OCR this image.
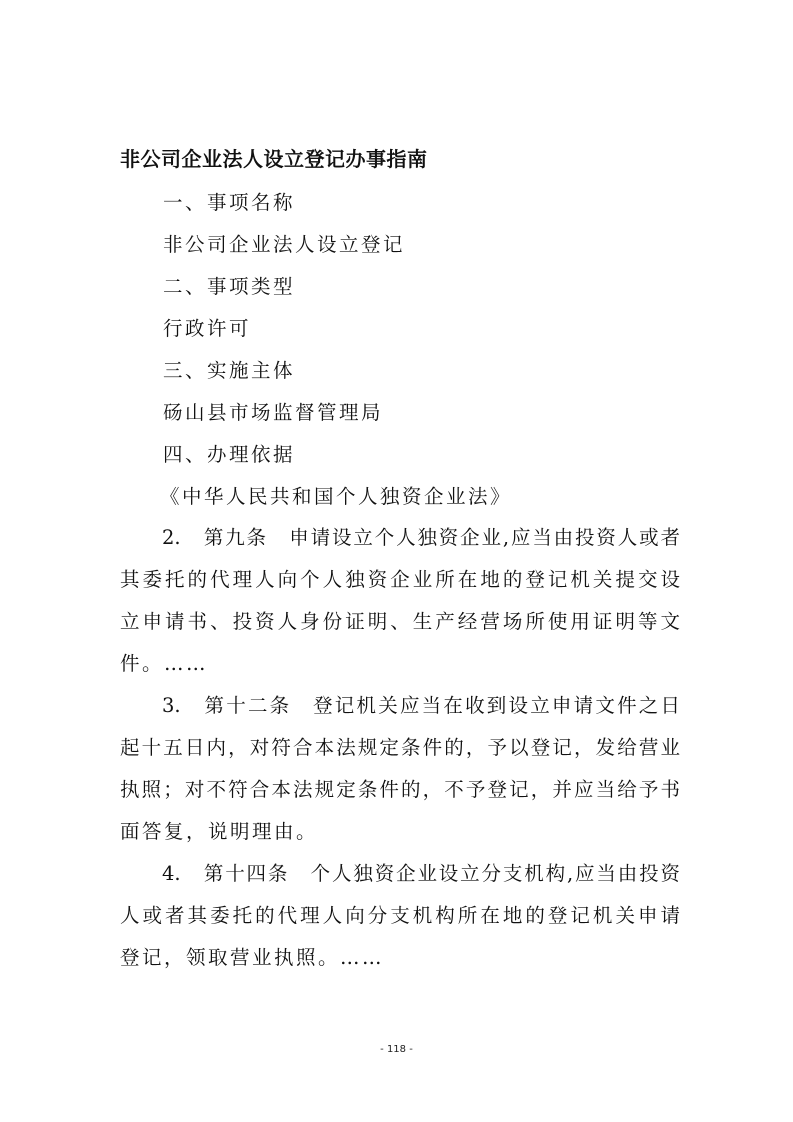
非公司企业法人设立登记办事指南
一、事项名称
非公司企业法人设立登记
二、事项类型
行政许可
三、实施主体
砀山县市场监督管理局
四、办理依据
《中华人民共和国个人独资企业法》
2.　第九条　申请设立个人独资企业,应当由投资人或者
其委托的代理人向个人独资企业所在地的登记机关提交设
立申请书、投资人身份证明、生产经营场所使用证明等文
件。……
3.　第十二条　登记机关应当在收到设立申请文件之日
起十五日内，对符合本法规定条件的，予以登记，发给营业
执照；对不符合本法规定条件的，不予登记，并应当给予书
面答复，说明理由。
4.　第十四条　个人独资企业设立分支机构,应当由投资
人或者其委托的代理人向分支机构所在地的登记机关申请
登记，领取营业执照。……
- 118 -
